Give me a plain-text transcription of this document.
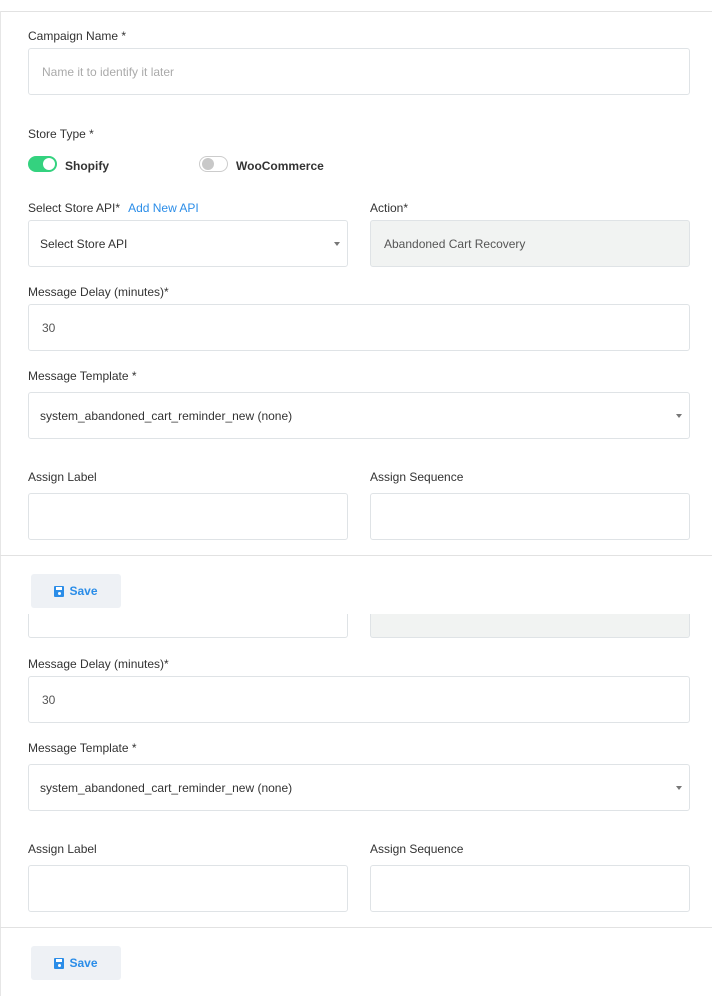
Campaign Name *
Name it to identify it later
Store Type *
Shopify	WooCommerce
Select Store API* Add New API
Select Store API
Action*
Abandoned Cart Recovery
Message Delay (minutes)*
30
Message Template *
system_abandoned_cart_reminder_new (none)
Assign Label	Assign Sequence
Save
Message Delay (minutes)*
30
Message Template *
system_abandoned_cart_reminder_new (none)
Assign Label	Assign Sequence
Save
